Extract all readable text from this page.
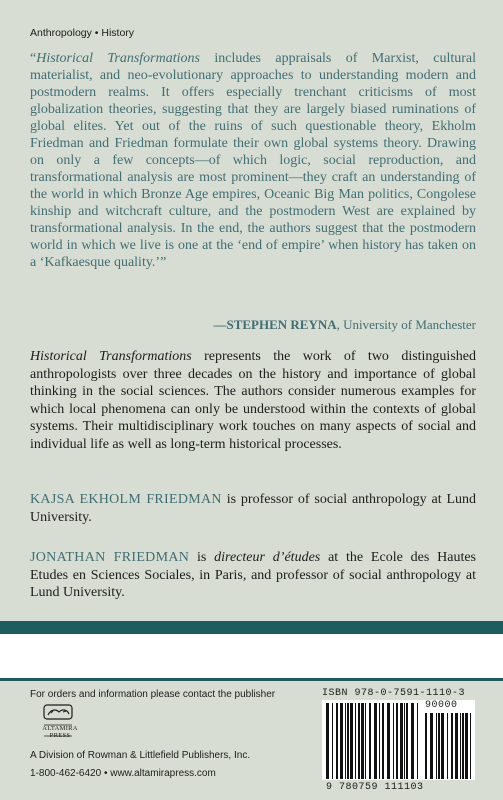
Anthropology • History

“Historical Transformations includes appraisals of Marxist, cultural materialist, and neo-evolutionary approaches to understanding modern and postmodern realms. It offers especially trenchant criticisms of most globalization theories, suggesting that they are largely biased ruminations of global elites. Yet out of the ruins of such questionable theory, Ekholm Friedman and Friedman formulate their own global systems theory. Drawing on only a few concepts—of which logic, social reproduction, and transformational analysis are most prominent—they craft an understanding of the world in which Bronze Age empires, Oceanic Big Man politics, Congolese kinship and witchcraft culture, and the postmodern West are explained by transformational analysis. In the end, the authors suggest that the postmodern world in which we live is one at the ‘end of empire’ when history has taken on a ‘Kafkaesque quality.’”

—STEPHEN REYNA, University of Manchester

Historical Transformations represents the work of two distinguished anthropologists over three decades on the history and importance of global thinking in the social sciences. The authors consider numerous examples for which local phenomena can only be understood within the contexts of global systems. Their multidisciplinary work touches on many aspects of social and individual life as well as long-term historical processes.

KAJSA EKHOLM FRIEDMAN is professor of social anthropology at Lund University.

JONATHAN FRIEDMAN is directeur d’études at the Ecole des Hautes Etudes en Sciences Sociales, in Paris, and professor of social anthropology at Lund University.

For orders and information please contact the publisher
ALTAMIRA PRESS
A Division of Rowman & Littlefield Publishers, Inc.
1-800-462-6420 • www.altamirapress.com
ISBN 978-0-7591-1110-3
90000
9 780759 111103
